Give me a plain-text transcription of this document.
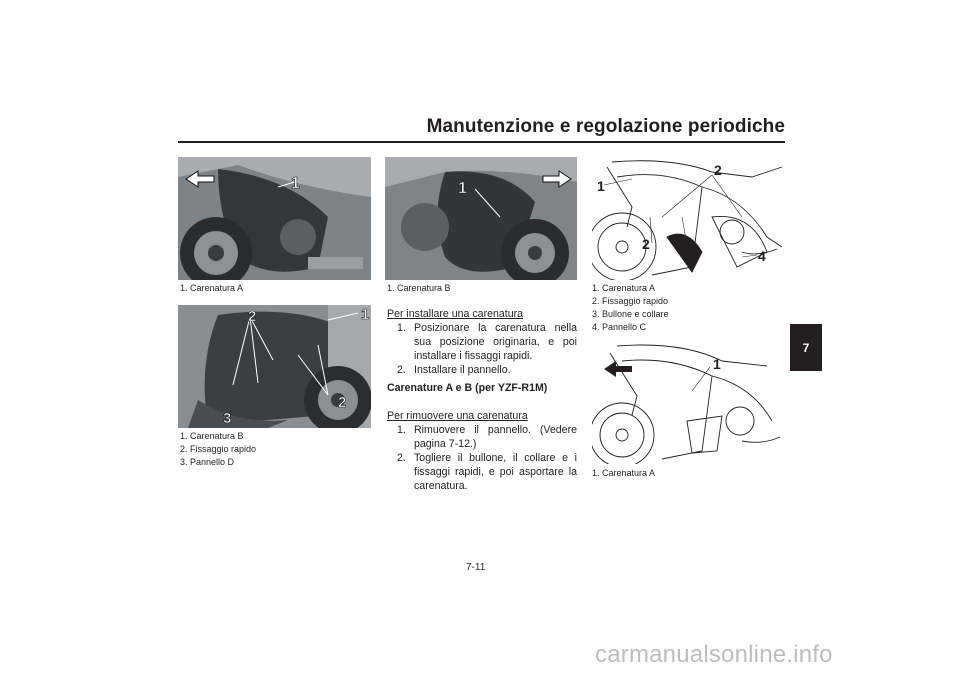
Manutenzione e regolazione periodiche
1
1. Carenatura A
2	1
2
3
1. Carenatura B
2. Fissaggio rapido
3. Pannello D
1
1. Carenatura B
Per installare una carenatura
1. Posizionare la carenatura nella sua posizione originaria, e poi installare i fissaggi rapidi.
2. Installare il pannello.
Carenature A e B (per YZF-R1M)
Per rimuovere una carenatura
1. Rimuovere il pannello. (Vedere pagina 7-12.)
2. Togliere il bullone, il collare e i fissaggi rapidi, e poi asportare la carenatura.
1
2
2	3
4
1. Carenatura A
2. Fissaggio rapido
3. Bullone e collare
4. Pannello C
1
1. Carenatura A
7
7-11
carmanualsonline.info
